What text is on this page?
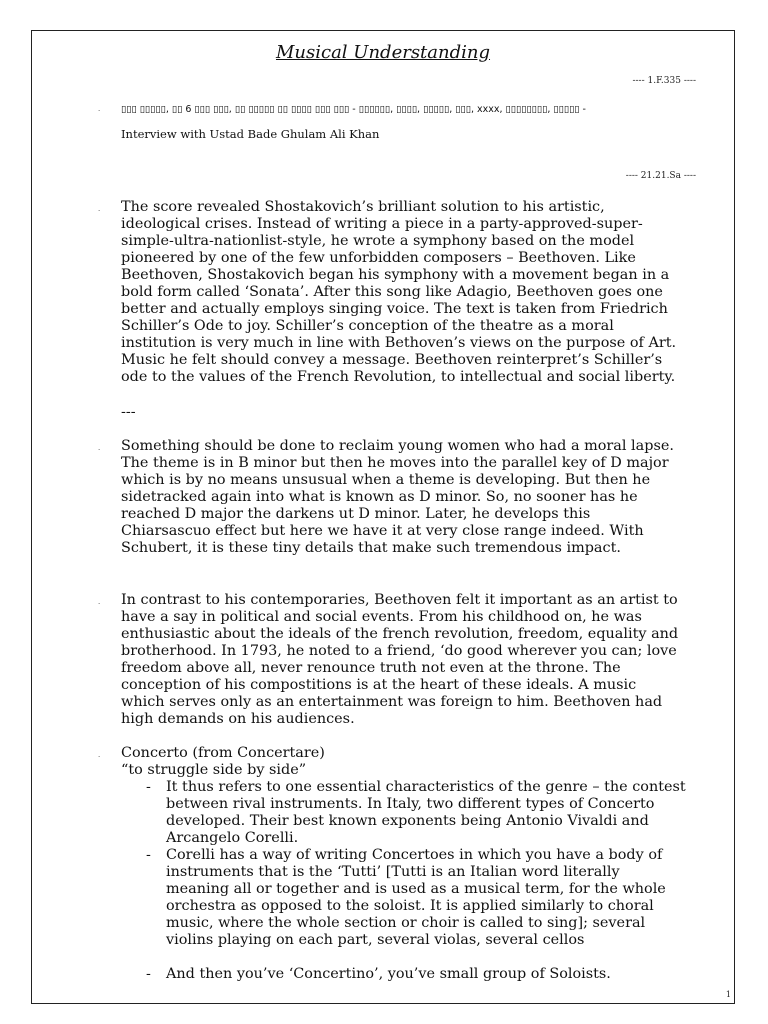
Musical Understanding
---- 1.F.335 ----
· ▯▯▯ ▯▯▯▯▯, ▯▯ 6 ▯▯▯ ▯▯▯, ▯▯ ▯▯▯▯▯ ▯▯ ▯▯▯▯ ▯▯▯ ▯▯▯ - ▯▯▯▯▯▯, ▯▯▯▯, ▯▯▯▯▯, ▯▯▯, xxxx, ▯▯▯▯▯▯▯▯, ▯▯▯▯▯ -
Interview with Ustad Bade Ghulam Ali Khan
---- 21.21.Sa ----
· The score revealed Shostakovich’s brilliant solution to his artistic, ideological crises. Instead of writing a piece in a party-approved-super-simple-ultra-nationlist-style, he wrote a symphony based on the model pioneered by one of the few unforbidden composers – Beethoven. Like Beethoven, Shostakovich began his symphony with a movement began in a bold form called ‘Sonata’. After this song like Adagio, Beethoven goes one better and actually employs singing voice. The text is taken from Friedrich Schiller’s Ode to joy. Schiller’s conception of the theatre as a moral institution is very much in line with Bethoven’s views on the purpose of Art. Music he felt should convey a message. Beethoven reinterpret’s Schiller’s ode to the values of the French Revolution, to intellectual and social liberty.

---
· Something should be done to reclaim young women who had a moral lapse. The theme is in B minor but then he moves into the parallel key of D major which is by no means unsusual when a theme is developing. But then he sidetracked again into what is known as D minor. So, no sooner has he reached D major the darkens ut D minor. Later, he develops this Chiarsascuo effect but here we have it at very close range indeed. With Schubert, it is these tiny details that make such tremendous impact.

· In contrast to his contemporaries, Beethoven felt it important as an artist to have a say in political and social events. From his childhood on, he was enthusiastic about the ideals of the french revolution, freedom, equality and brotherhood. In 1793, he noted to a friend, ‘do good wherever you can; love freedom above all, never renounce truth not even at the throne. The conception of his compostitions is at the heart of these ideals. A music which serves only as an entertainment was foreign to him. Beethoven had high demands on his audiences.

· Concerto (from Concertare)
“to struggle side by side”
- It thus refers to one essential characteristics of the genre – the contest between rival instruments. In Italy, two different types of Concerto developed. Their best known exponents being Antonio Vivaldi and Arcangelo Corelli.

- Corelli has a way of writing Concertoes in which you have a body of instruments that is the ‘Tutti’ [Tutti is an Italian word literally meaning all or together and is used as a musical term, for the whole orchestra as opposed to the soloist. It is applied similarly to choral music, where the whole section or choir is called to sing]; several violins playing on each part, several violas, several cellos

- And then you’ve ‘Concertino’, you’ve small group of Soloists.

1
